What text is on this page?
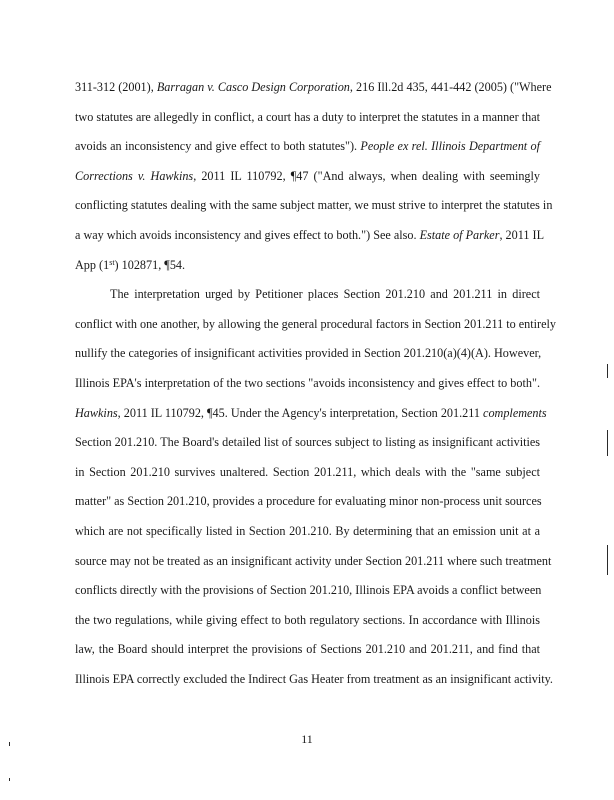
311-312 (2001), Barragan v. Casco Design Corporation, 216 Ill.2d 435, 441-442 (2005) ("Where
two statutes are allegedly in conflict, a court has a duty to interpret the statutes in a manner that
avoids an inconsistency and give effect to both statutes"). People ex rel. Illinois Department of
Corrections v. Hawkins, 2011 IL 110792, ¶47 ("And always, when dealing with seemingly
conflicting statutes dealing with the same subject matter, we must strive to interpret the statutes in
a way which avoids inconsistency and gives effect to both.") See also. Estate of Parker, 2011 IL
App (1st) 102871, ¶54.
The interpretation urged by Petitioner places Section 201.210 and 201.211 in direct
conflict with one another, by allowing the general procedural factors in Section 201.211 to entirely
nullify the categories of insignificant activities provided in Section 201.210(a)(4)(A). However,
Illinois EPA's interpretation of the two sections "avoids inconsistency and gives effect to both".
Hawkins, 2011 IL 110792, ¶45. Under the Agency's interpretation, Section 201.211 complements
Section 201.210. The Board's detailed list of sources subject to listing as insignificant activities
in Section 201.210 survives unaltered. Section 201.211, which deals with the "same subject
matter" as Section 201.210, provides a procedure for evaluating minor non-process unit sources
which are not specifically listed in Section 201.210. By determining that an emission unit at a
source may not be treated as an insignificant activity under Section 201.211 where such treatment
conflicts directly with the provisions of Section 201.210, Illinois EPA avoids a conflict between
the two regulations, while giving effect to both regulatory sections. In accordance with Illinois
law, the Board should interpret the provisions of Sections 201.210 and 201.211, and find that
Illinois EPA correctly excluded the Indirect Gas Heater from treatment as an insignificant activity.
11
